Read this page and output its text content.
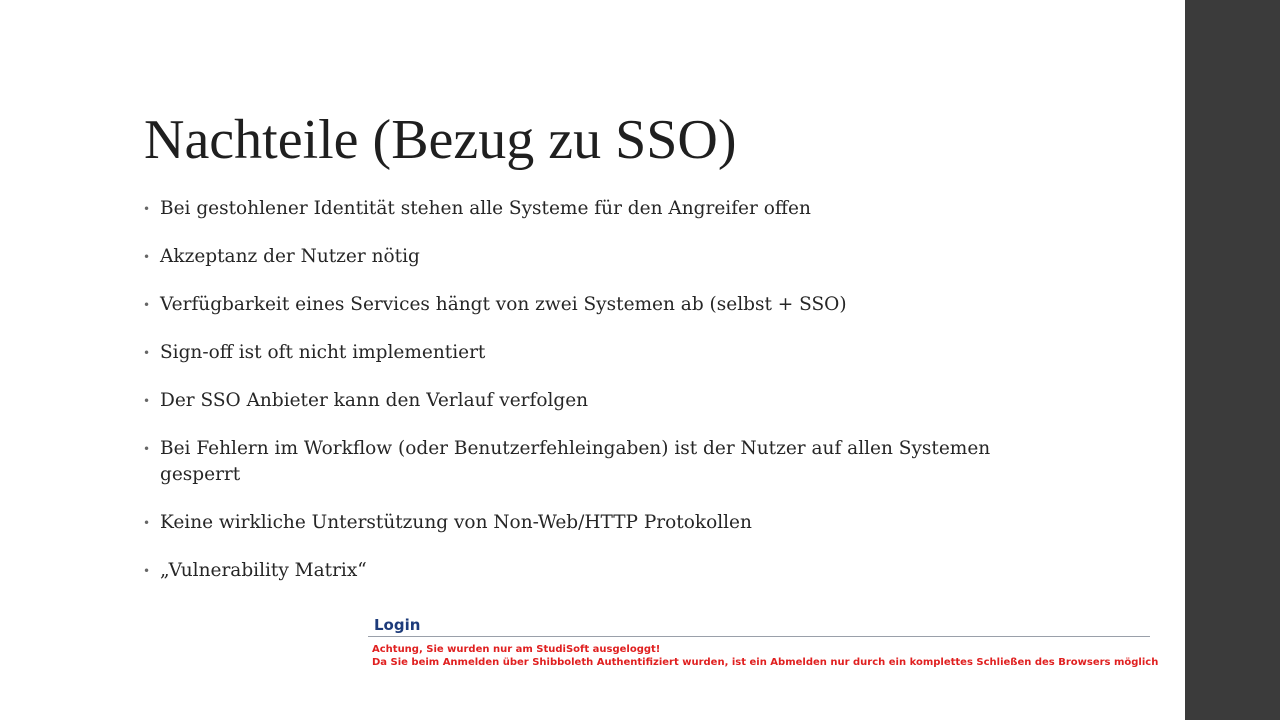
Nachteile (Bezug zu SSO)
• Bei gestohlener Identität stehen alle Systeme für den Angreifer offen
• Akzeptanz der Nutzer nötig
• Verfügbarkeit eines Services hängt von zwei Systemen ab (selbst + SSO)
• Sign-off ist oft nicht implementiert
• Der SSO Anbieter kann den Verlauf verfolgen
• Bei Fehlern im Workflow (oder Benutzerfehleingaben) ist der Nutzer auf allen Systemen gesperrt
• Keine wirkliche Unterstützung von Non-Web/HTTP Protokollen
• „Vulnerability Matrix“
Login
Achtung, Sie wurden nur am StudiSoft ausgeloggt!
Da Sie beim Anmelden über Shibboleth Authentifiziert wurden, ist ein Abmelden nur durch ein komplettes Schließen des Browsers möglich
